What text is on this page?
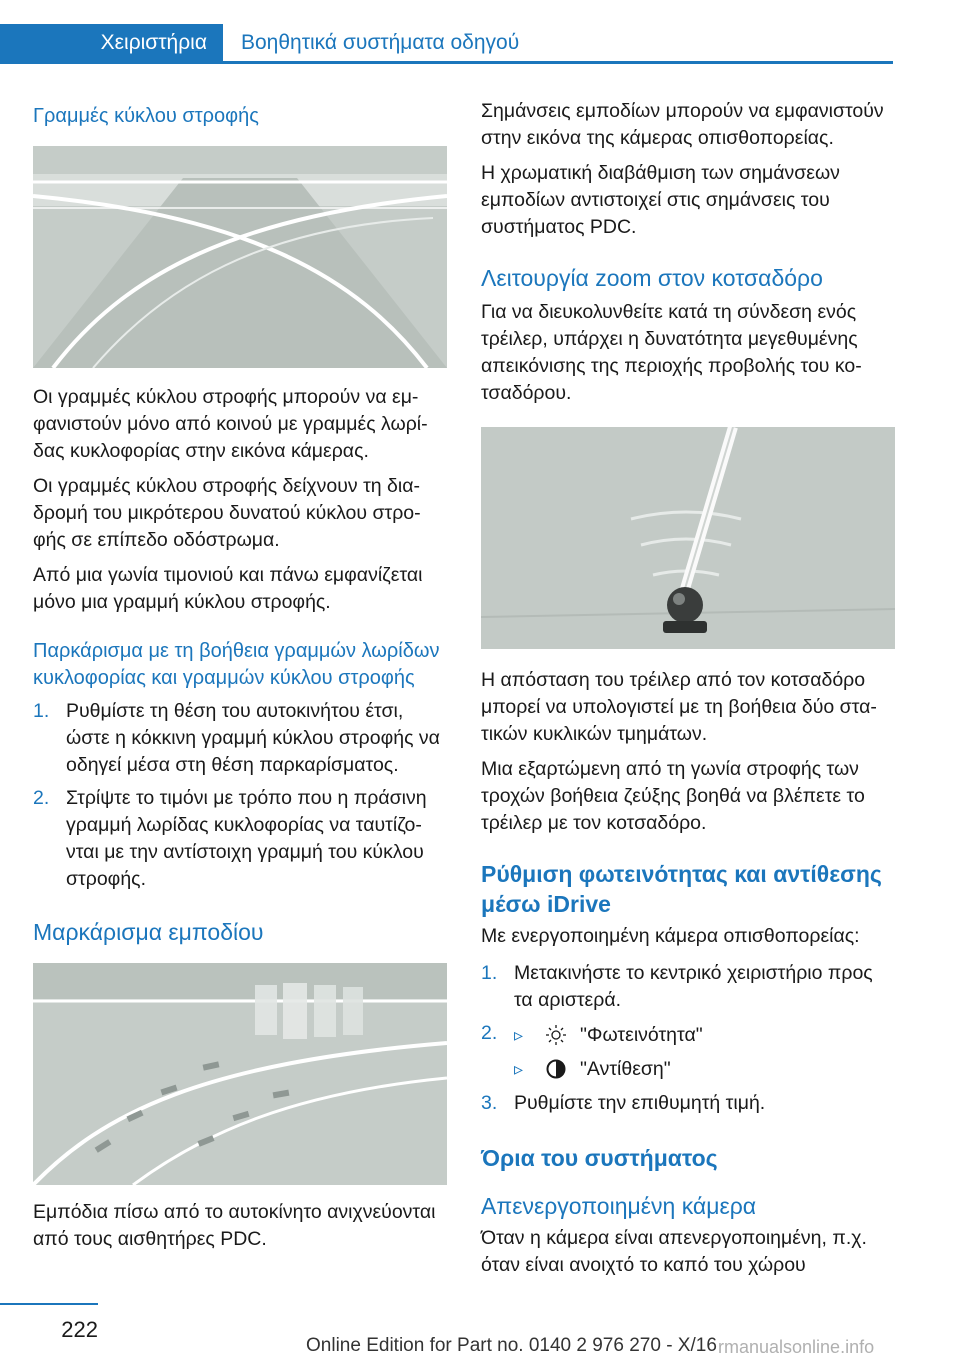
Χειριστήρια	Βοηθητικά συστήματα οδηγού
Γραμμές κύκλου στροφής

Οι γραμμές κύκλου στροφής μπορούν να εμ‐φανιστούν μόνο από κοινού με γραμμές λωρί‐δας κυκλοφορίας στην εικόνα κάμερας.

Οι γραμμές κύκλου στροφής δείχνουν τη δια‐δρομή του μικρότερου δυνατού κύκλου στρο‐φής σε επίπεδο οδόστρωμα.

Από μια γωνία τιμονιού και πάνω εμφανίζεται μόνο μια γραμμή κύκλου στροφής.

Παρκάρισμα με τη βοήθεια γραμμών λωρίδων κυκλοφορίας και γραμμών κύκλου στροφής
1. Ρυθμίστε τη θέση του αυτοκινήτου έτσι, ώστε η κόκκινη γραμμή κύκλου στροφής να οδηγεί μέσα στη θέση παρκαρίσματος.
2. Στρίψτε το τιμόνι με τρόπο που η πράσινη γραμμή λωρίδας κυκλοφορίας να ταυτίζο‐νται με την αντίστοιχη γραμμή του κύκλου στροφής.
Μαρκάρισμα εμποδίου

Εμπόδια πίσω από το αυτοκίνητο ανιχνεύονται από τους αισθητήρες PDC.

Σημάνσεις εμποδίων μπορούν να εμφανιστούν στην εικόνα της κάμερας οπισθοπορείας.

Η χρωματική διαβάθμιση των σημάνσεων εμποδίων αντιστοιχεί στις σημάνσεις του συστήματος PDC.

Λειτουργία zoom στον κοτσαδόρο

Για να διευκολυνθείτε κατά τη σύνδεση ενός τρέιλερ, υπάρχει η δυνατότητα μεγεθυμένης απεικόνισης της περιοχής προβολής του κο‐τσαδόρου.

Η απόσταση του τρέιλερ από τον κοτσαδόρο μπορεί να υπολογιστεί με τη βοήθεια δύο στα‐τικών κυκλικών τμημάτων.

Μια εξαρτώμενη από τη γωνία στροφής των τροχών βοήθεια ζεύξης βοηθά να βλέπετε το τρέιλερ με τον κοτσαδόρο.

Ρύθμιση φωτεινότητας και αντίθεσης μέσω iDrive

Με ενεργοποιημένη κάμερα οπισθοπορείας:

1. Μετακινήστε το κεντρικό χειριστήριο προς τα αριστερά.
2. ▹	"Φωτεινότητα"
▹	"Αντίθεση"
3. Ρυθμίστε την επιθυμητή τιμή.
Όρια του συστήματος
Απενεργοποιημένη κάμερα

Όταν η κάμερα είναι απενεργοποιημένη, π.χ. όταν είναι ανοιχτό το καπό του χώρου

222
Online Edition for Part no. 0140 2 976 270 - X/16 rmanualsonline.info
